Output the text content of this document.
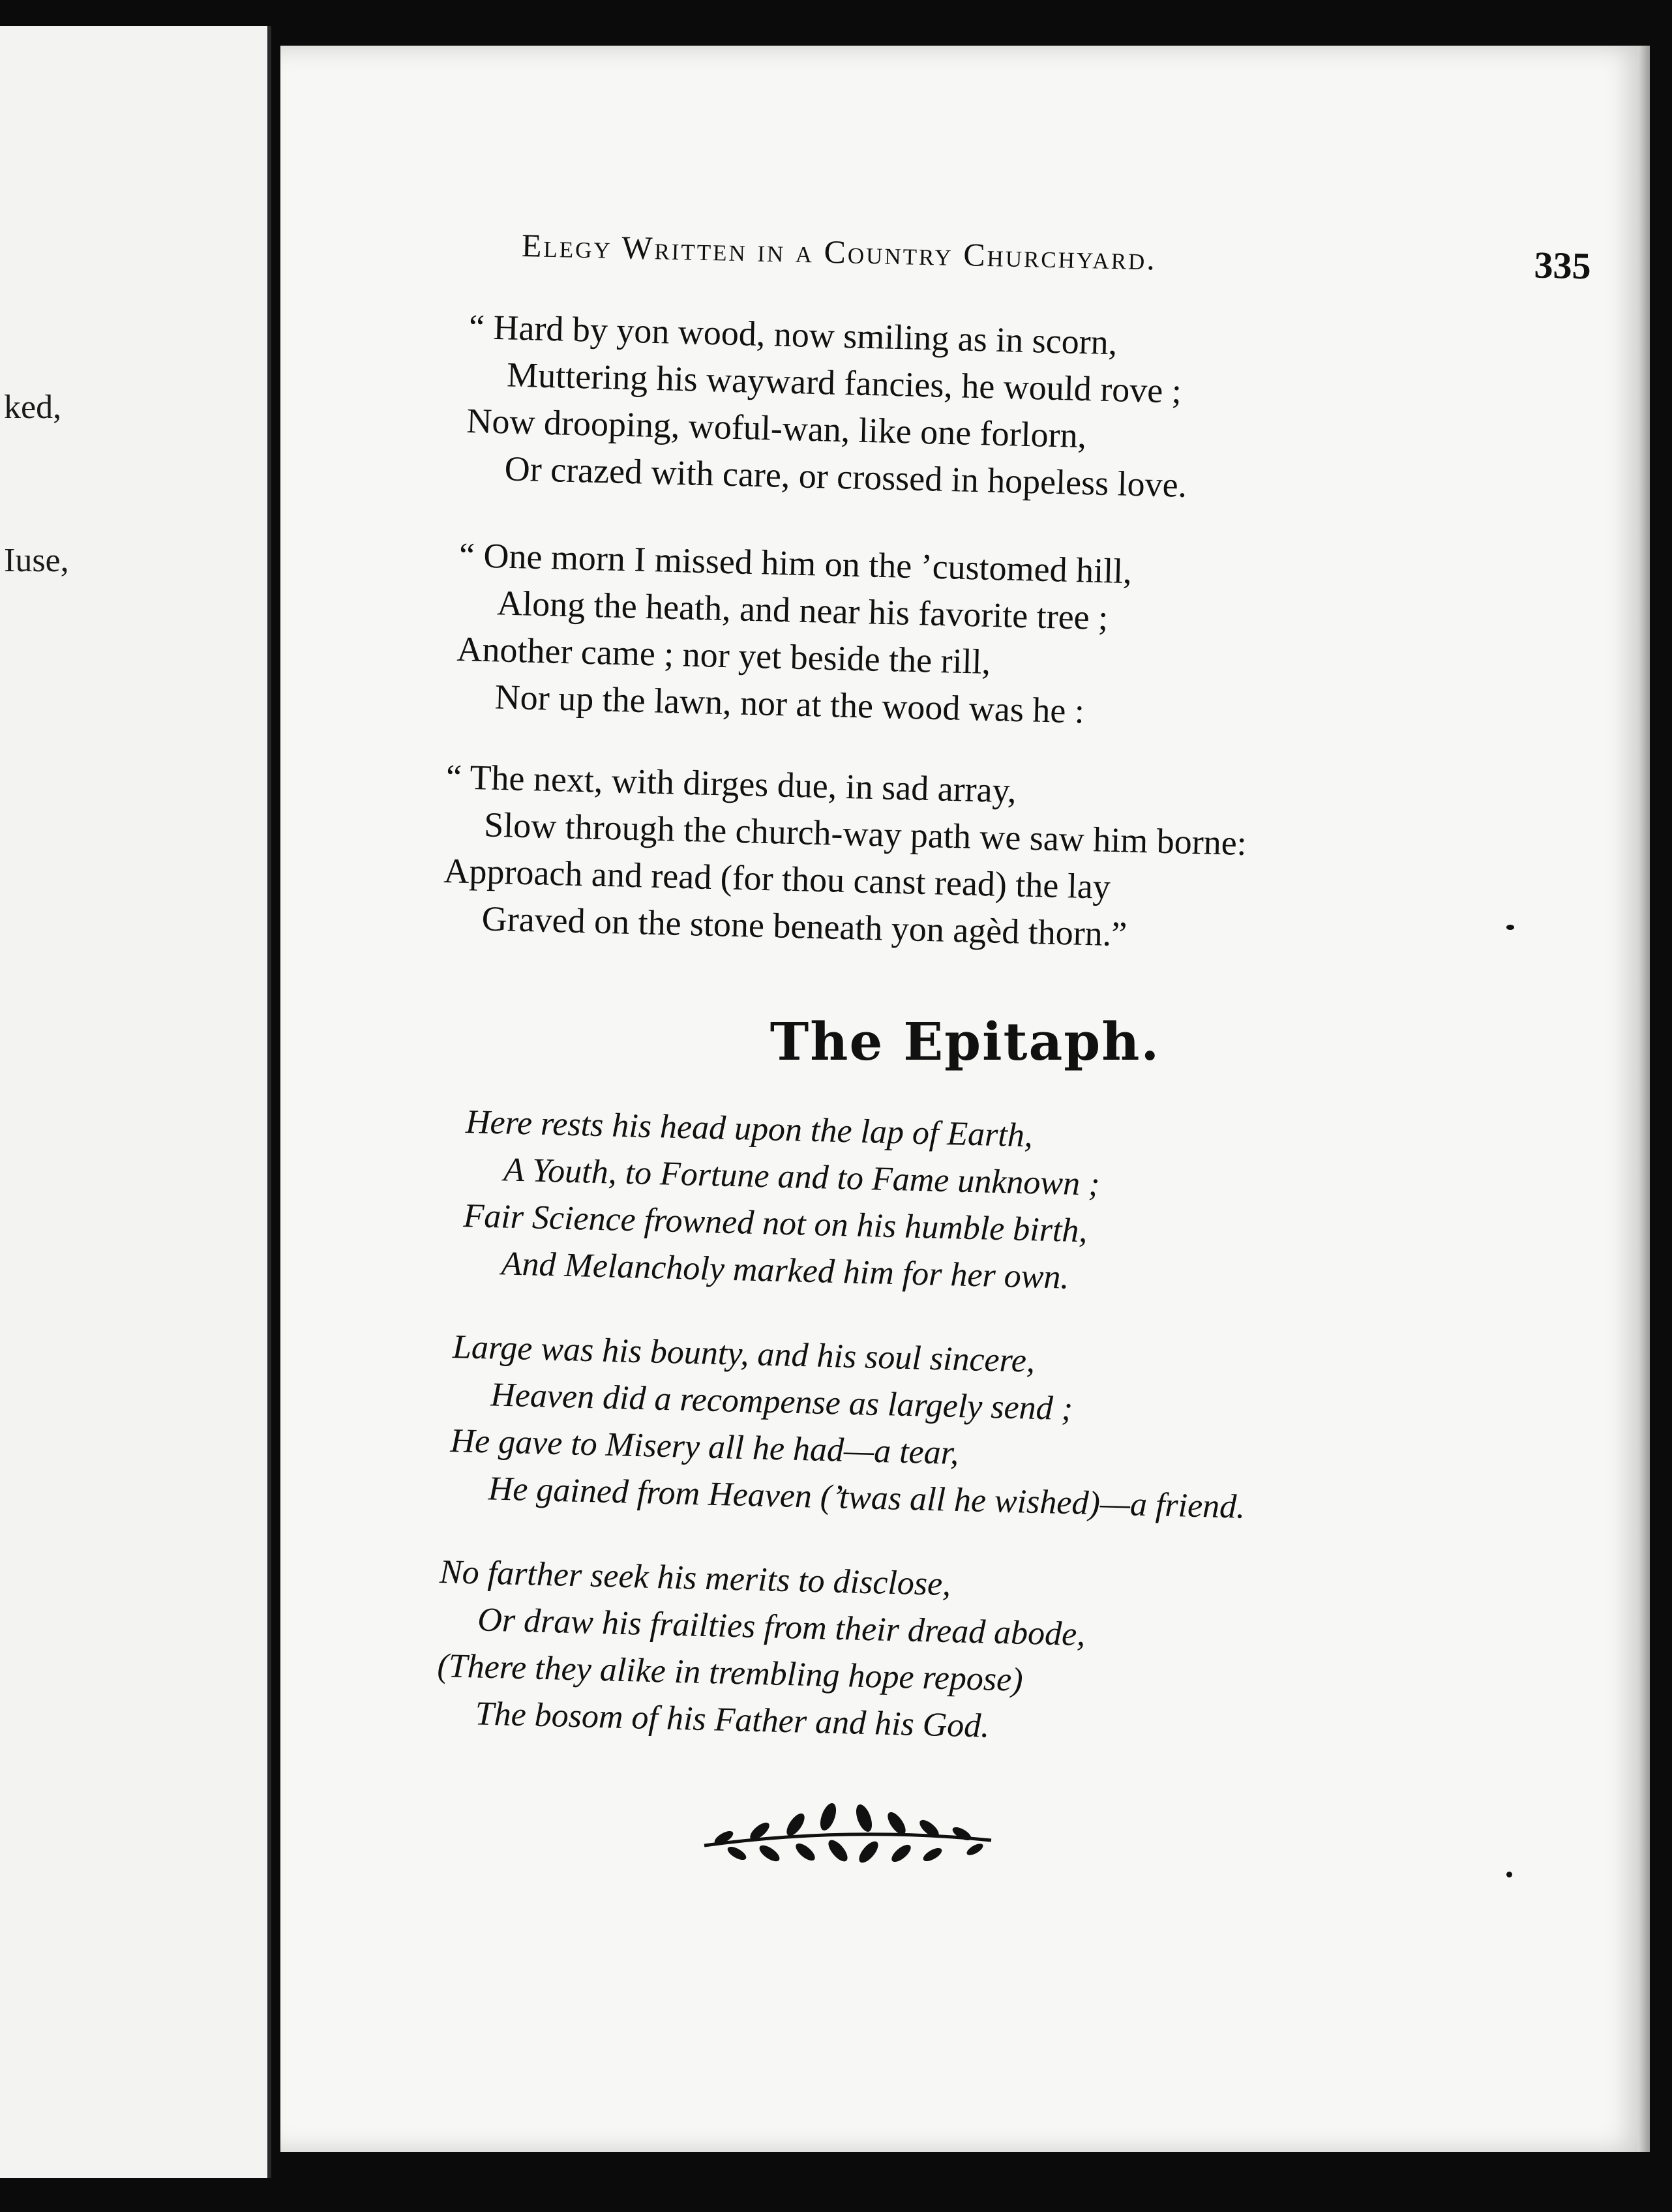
ked,
Iuse,
Elegy Written in a Country Churchyard.	335
“ Hard by yon wood, now smiling as in scorn,
Muttering his wayward fancies, he would rove ;
Now drooping, woful-wan, like one forlorn,
Or crazed with care, or crossed in hopeless love.
“ One morn I missed him on the ’customed hill,
Along the heath, and near his favorite tree ;
Another came ; nor yet beside the rill,
Nor up the lawn, nor at the wood was he :
“ The next, with dirges due, in sad array,
Slow through the church-way path we saw him borne:
Approach and read (for thou canst read) the lay
Graved on the stone beneath yon agèd thorn.”
The Epitaph.
Here rests his head upon the lap of Earth,
A Youth, to Fortune and to Fame unknown ;
Fair Science frowned not on his humble birth,
And Melancholy marked him for her own.
Large was his bounty, and his soul sincere,
Heaven did a recompense as largely send ;
He gave to Misery all he had—a tear,
He gained from Heaven (’twas all he wished)—a friend.
No farther seek his merits to disclose,
Or draw his frailties from their dread abode,
(There they alike in trembling hope repose)
The bosom of his Father and his God.
